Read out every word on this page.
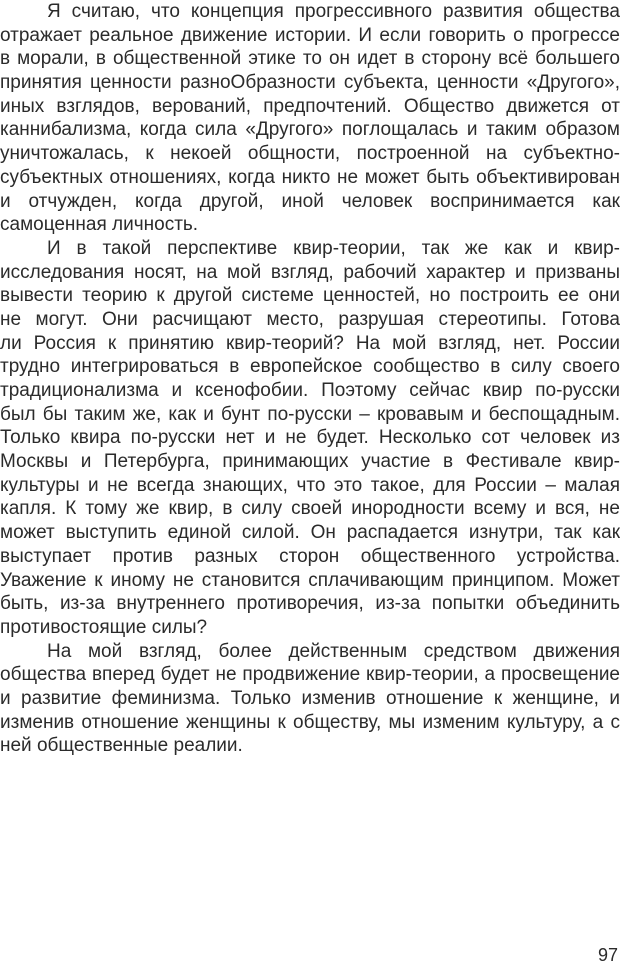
Я считаю, что концепция прогрессивного развития общества
отражает реальное движение истории. И если говорить о прогрессе
в морали, в общественной этике то он идет в сторону всё большего
принятия ценности разноОбразности субъекта, ценности «Другого»,
иных взглядов, верований, предпочтений. Общество движется от
каннибализма, когда сила «Другого» поглощалась и таким образом
уничтожалась, к некоей общности, построенной на субъектно-
субъектных отношениях, когда никто не может быть объективирован
и отчужден, когда другой, иной человек воспринимается как
самоценная личность.
И в такой перспективе квир-теории, так же как и квир-
исследования носят, на мой взгляд, рабочий характер и призваны
вывести теорию к другой системе ценностей, но построить ее они
не могут. Они расчищают место, разрушая стереотипы. Готова
ли Россия к принятию квир-теорий? На мой взгляд, нет. России
трудно интегрироваться в европейское сообщество в силу своего
традиционализма и ксенофобии. Поэтому сейчас квир по-русски
был бы таким же, как и бунт по-русски – кровавым и беспощадным.
Только квира по-русски нет и не будет. Несколько сот человек из
Москвы и Петербурга, принимающих участие в Фестивале квир-
культуры и не всегда знающих, что это такое, для России – малая
капля. К тому же квир, в силу своей инородности всему и вся, не
может выступить единой силой. Он распадается изнутри, так как
выступает против разных сторон общественного устройства.
Уважение к иному не становится сплачивающим принципом. Может
быть, из-за внутреннего противоречия, из-за попытки объединить
противостоящие силы?
На мой взгляд, более действенным средством движения
общества вперед будет не продвижение квир-теории, а просвещение
и развитие феминизма. Только изменив отношение к женщине, и
изменив отношение женщины к обществу, мы изменим культуру, а с
ней общественные реалии.
97
